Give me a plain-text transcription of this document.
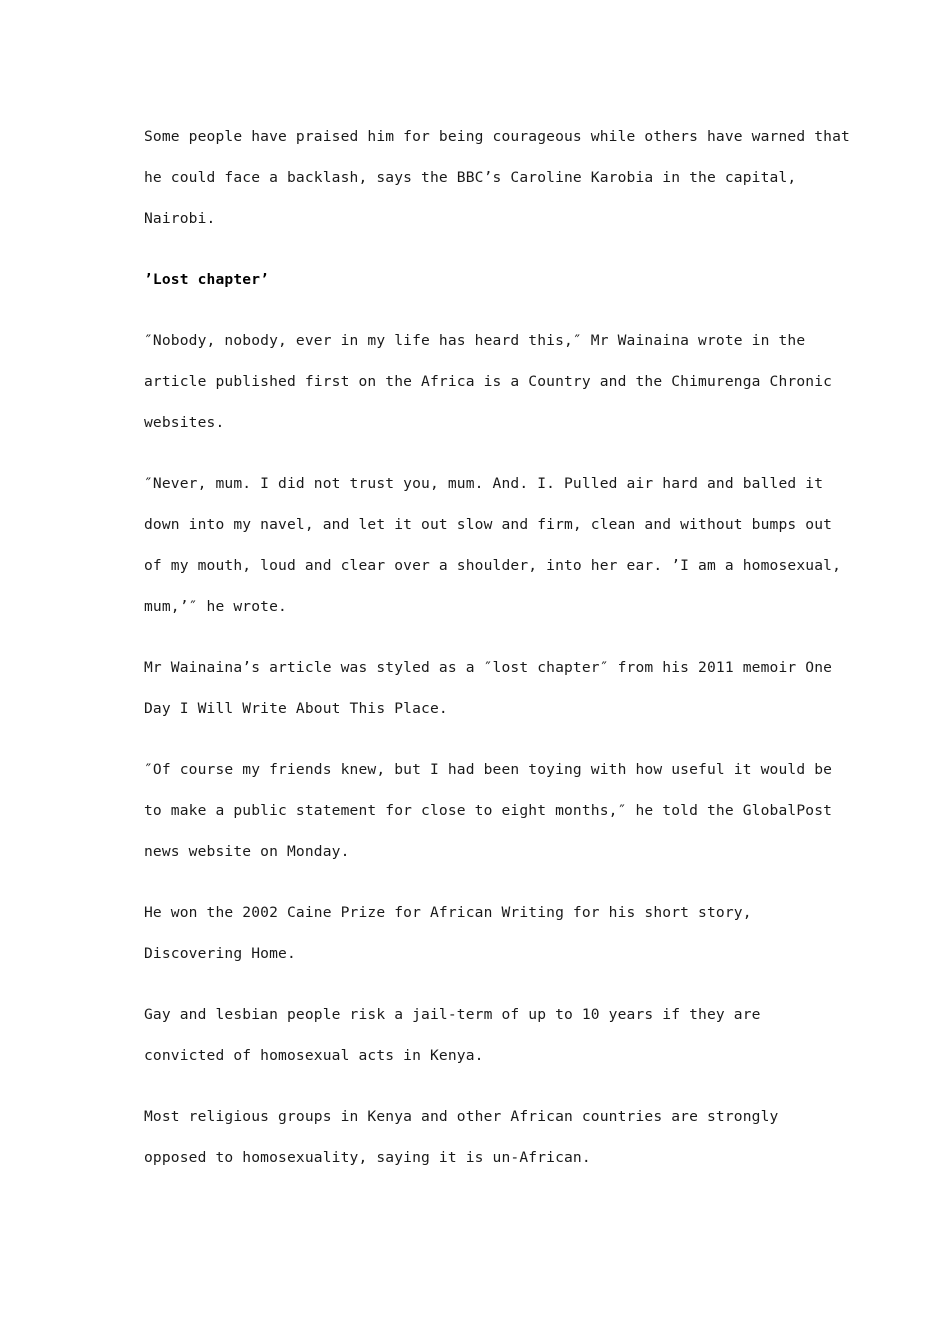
Some people have praised him for being courageous while others have warned that
he could face a backlash, says the BBC’s Caroline Karobia in the capital,
Nairobi.
’Lost chapter’
″Nobody, nobody, ever in my life has heard this,″ Mr Wainaina wrote in the
article published first on the Africa is a Country and the Chimurenga Chronic
websites.
″Never, mum. I did not trust you, mum. And. I. Pulled air hard and balled it
down into my navel, and let it out slow and firm, clean and without bumps out
of my mouth, loud and clear over a shoulder, into her ear. ’I am a homosexual,
mum,’″ he wrote.
Mr Wainaina’s article was styled as a ″lost chapter″ from his 2011 memoir One
Day I Will Write About This Place.
″Of course my friends knew, but I had been toying with how useful it would be
to make a public statement for close to eight months,″ he told the GlobalPost
news website on Monday.
He won the 2002 Caine Prize for African Writing for his short story,
Discovering Home.
Gay and lesbian people risk a jail-term of up to 10 years if they are
convicted of homosexual acts in Kenya.
Most religious groups in Kenya and other African countries are strongly
opposed to homosexuality, saying it is un-African.
